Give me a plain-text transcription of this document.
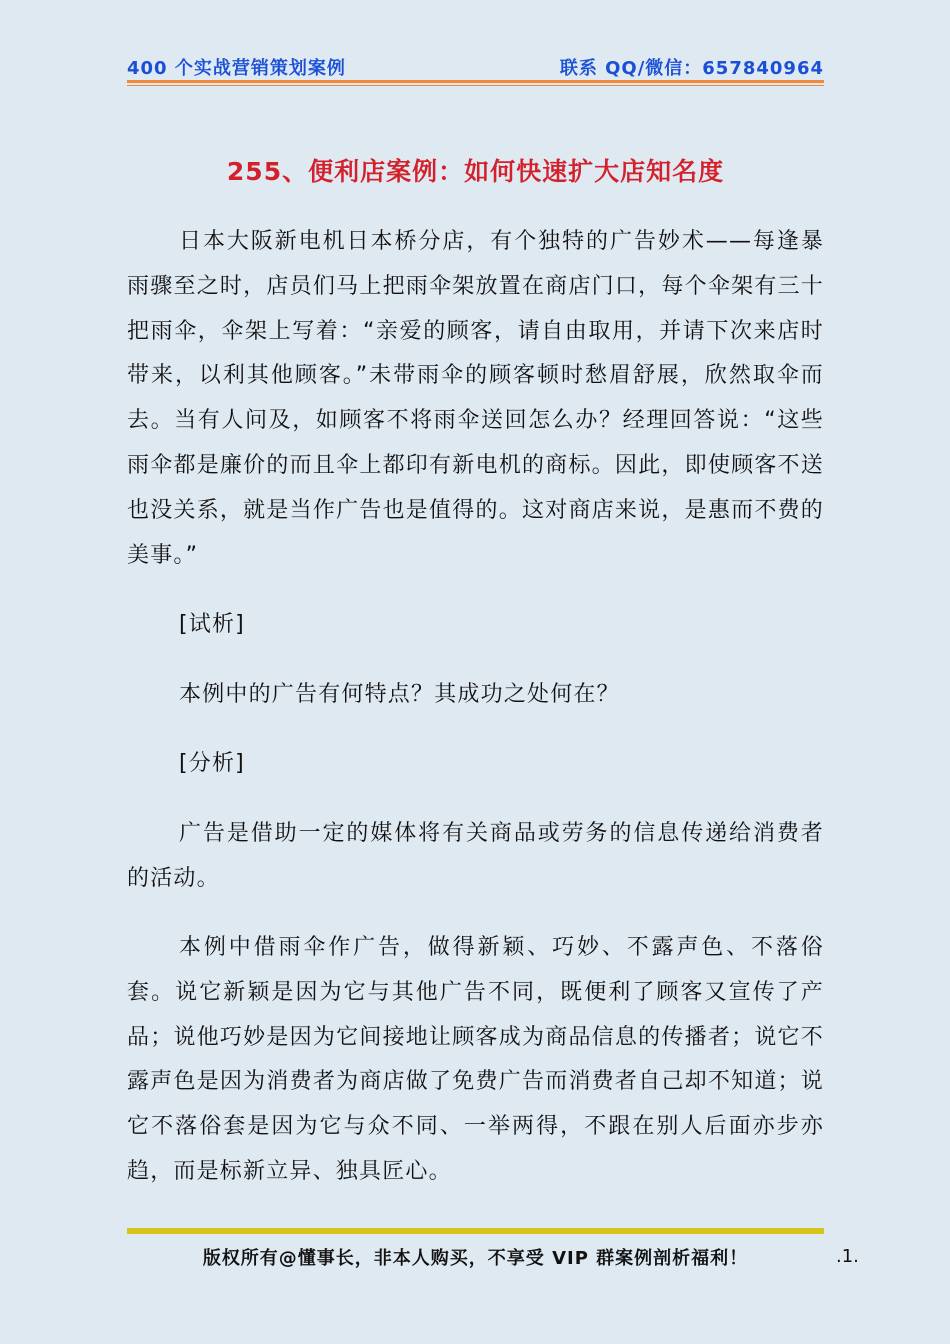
400 个实战营销策划案例	联系 QQ/微信：657840964
255、便利店案例：如何快速扩大店知名度

日本大阪新电机日本桥分店，有个独特的广告妙术——每逢暴雨骤至之时，店员们马上把雨伞架放置在商店门口，每个伞架有三十把雨伞，伞架上写着：“亲爱的顾客，请自由取用，并请下次来店时带来，以利其他顾客。”未带雨伞的顾客顿时愁眉舒展，欣然取伞而去。当有人问及，如顾客不将雨伞送回怎么办？经理回答说：“这些雨伞都是廉价的而且伞上都印有新电机的商标。因此，即使顾客不送也没关系，就是当作广告也是值得的。这对商店来说，是惠而不费的美事。”

[试析]

本例中的广告有何特点？其成功之处何在？

[分析]

广告是借助一定的媒体将有关商品或劳务的信息传递给消费者的活动。

本例中借雨伞作广告，做得新颖、巧妙、不露声色、不落俗套。说它新颖是因为它与其他广告不同，既便利了顾客又宣传了产品；说他巧妙是因为它间接地让顾客成为商品信息的传播者；说它不露声色是因为消费者为商店做了免费广告而消费者自己却不知道；说它不落俗套是因为它与众不同、一举两得，不跟在别人后面亦步亦趋，而是标新立异、独具匠心。

版权所有@懂事长，非本人购买，不享受 VIP 群案例剖析福利！	.1.
